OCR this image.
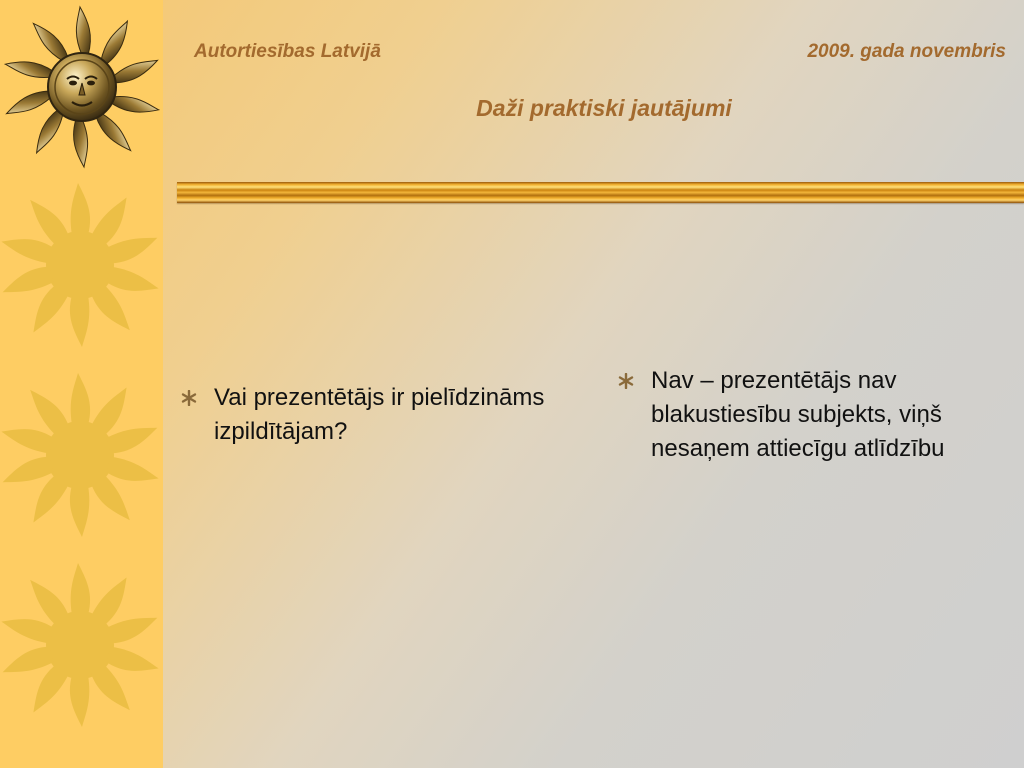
Autortiesības Latvijā	2009. gada novembris
Daži praktiski jautājumi
Vai prezentētājs ir pielīdzināms izpildītājam?
Nav – prezentētājs nav blakustiesību subjekts, viņš nesaņem attiecīgu atlīdzību
